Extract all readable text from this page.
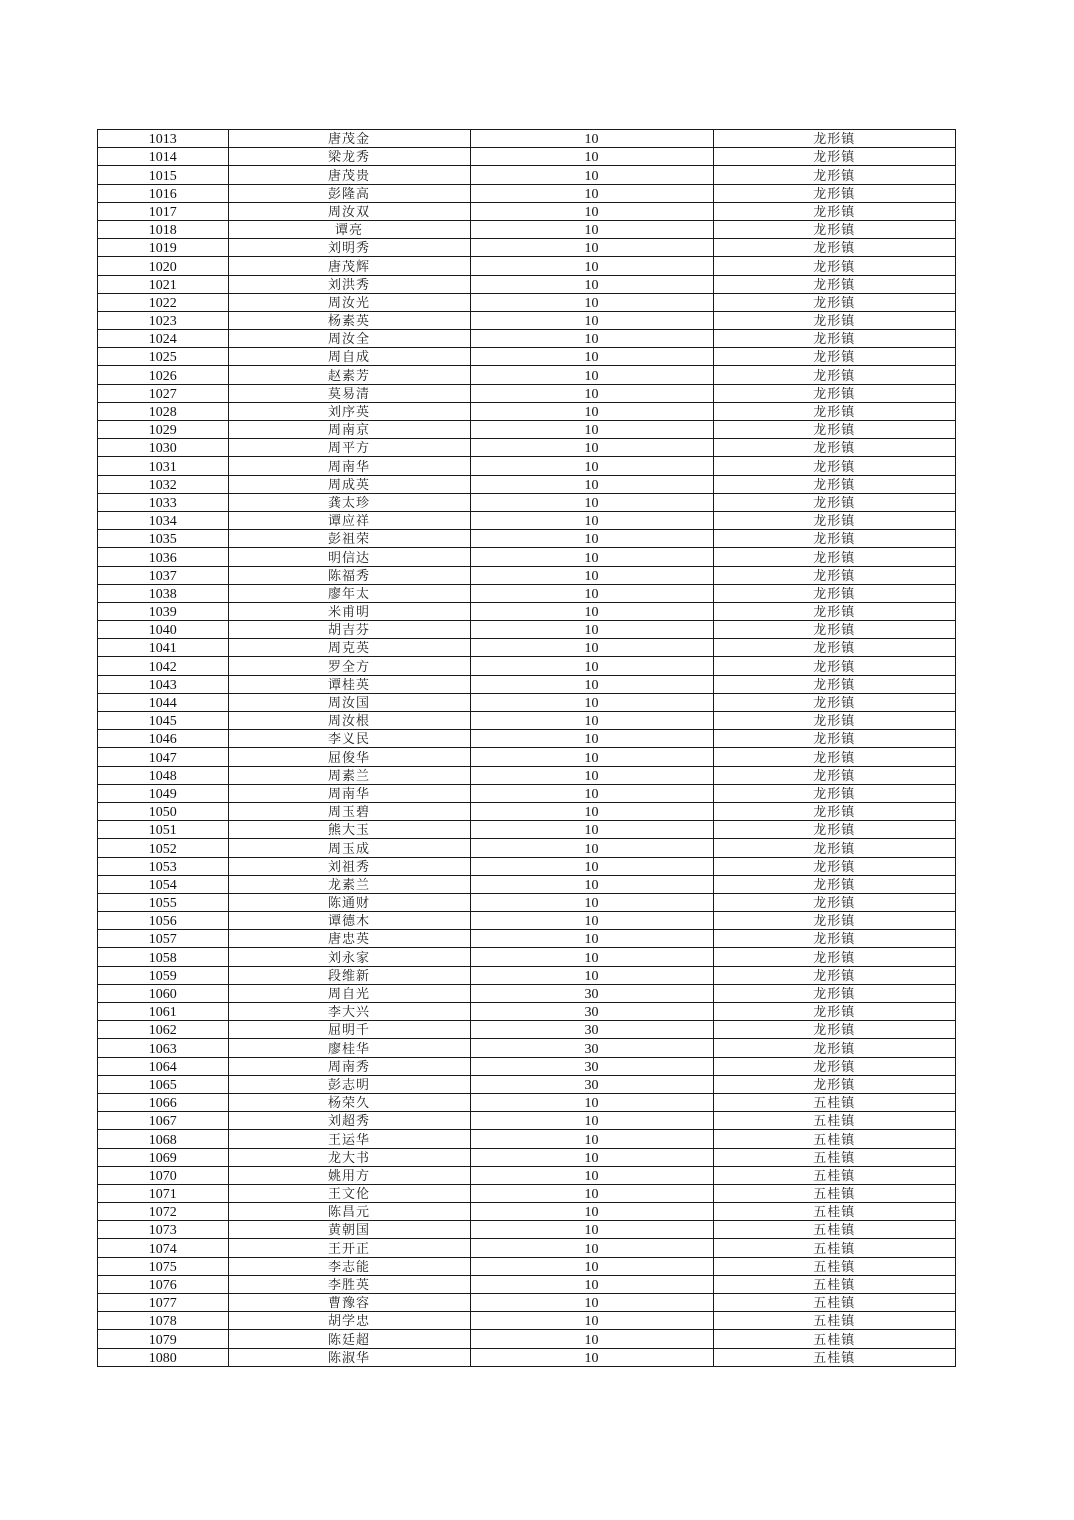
1013	唐茂金	10	龙形镇
1014	梁龙秀	10	龙形镇
1015	唐茂贵	10	龙形镇
1016	彭隆高	10	龙形镇
1017	周汝双	10	龙形镇
1018	谭亮	10	龙形镇
1019	刘明秀	10	龙形镇
1020	唐茂辉	10	龙形镇
1021	刘洪秀	10	龙形镇
1022	周汝光	10	龙形镇
1023	杨素英	10	龙形镇
1024	周汝全	10	龙形镇
1025	周自成	10	龙形镇
1026	赵素芳	10	龙形镇
1027	莫易清	10	龙形镇
1028	刘序英	10	龙形镇
1029	周南京	10	龙形镇
1030	周平方	10	龙形镇
1031	周南华	10	龙形镇
1032	周成英	10	龙形镇
1033	龚太珍	10	龙形镇
1034	谭应祥	10	龙形镇
1035	彭祖荣	10	龙形镇
1036	明信达	10	龙形镇
1037	陈福秀	10	龙形镇
1038	廖年太	10	龙形镇
1039	米甫明	10	龙形镇
1040	胡吉芬	10	龙形镇
1041	周克英	10	龙形镇
1042	罗全方	10	龙形镇
1043	谭桂英	10	龙形镇
1044	周汝国	10	龙形镇
1045	周汝根	10	龙形镇
1046	李义民	10	龙形镇
1047	屈俊华	10	龙形镇
1048	周素兰	10	龙形镇
1049	周南华	10	龙形镇
1050	周玉碧	10	龙形镇
1051	熊大玉	10	龙形镇
1052	周玉成	10	龙形镇
1053	刘祖秀	10	龙形镇
1054	龙素兰	10	龙形镇
1055	陈通财	10	龙形镇
1056	谭德木	10	龙形镇
1057	唐忠英	10	龙形镇
1058	刘永家	10	龙形镇
1059	段维新	10	龙形镇
1060	周自光	30	龙形镇
1061	李大兴	30	龙形镇
1062	屈明千	30	龙形镇
1063	廖桂华	30	龙形镇
1064	周南秀	30	龙形镇
1065	彭志明	30	龙形镇
1066	杨荣久	10	五桂镇
1067	刘超秀	10	五桂镇
1068	王运华	10	五桂镇
1069	龙大书	10	五桂镇
1070	姚用方	10	五桂镇
1071	王文伦	10	五桂镇
1072	陈昌元	10	五桂镇
1073	黄朝国	10	五桂镇
1074	王开正	10	五桂镇
1075	李志能	10	五桂镇
1076	李胜英	10	五桂镇
1077	曹豫容	10	五桂镇
1078	胡学忠	10	五桂镇
1079	陈廷超	10	五桂镇
1080	陈淑华	10	五桂镇
